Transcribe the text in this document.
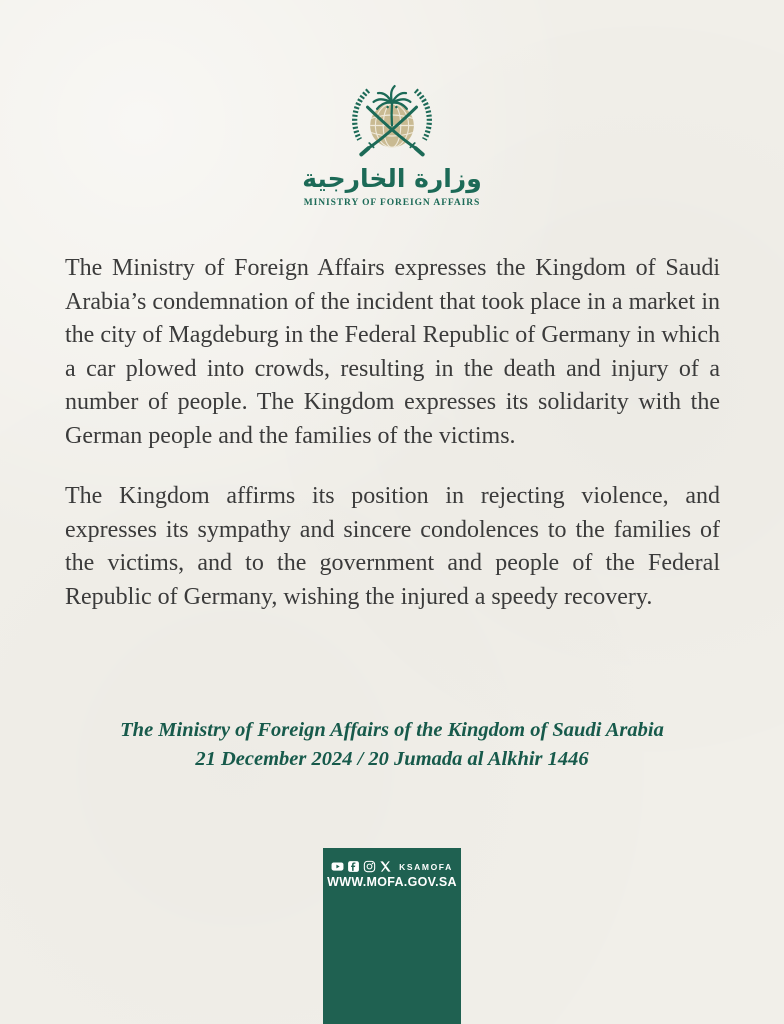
وزارة الخارجية
MINISTRY OF FOREIGN AFFAIRS

The Ministry of Foreign Affairs expresses the Kingdom of Saudi Arabia’s condemnation of the incident that took place in a market in the city of Magdeburg in the Federal Republic of Germany in which a car plowed into crowds, resulting in the death and injury of a number of people. The Kingdom expresses its solidarity with the German people and the families of the victims.

The Kingdom affirms its position in rejecting violence, and expresses its sympathy and sincere condolences to the families of the victims, and to the government and people of the Federal Republic of Germany, wishing the injured a speedy recovery.

The Ministry of Foreign Affairs of the Kingdom of Saudi Arabia
21 December 2024 / 20 Jumada al Alkhir 1446
KSAMOFA
WWW.MOFA.GOV.SA
